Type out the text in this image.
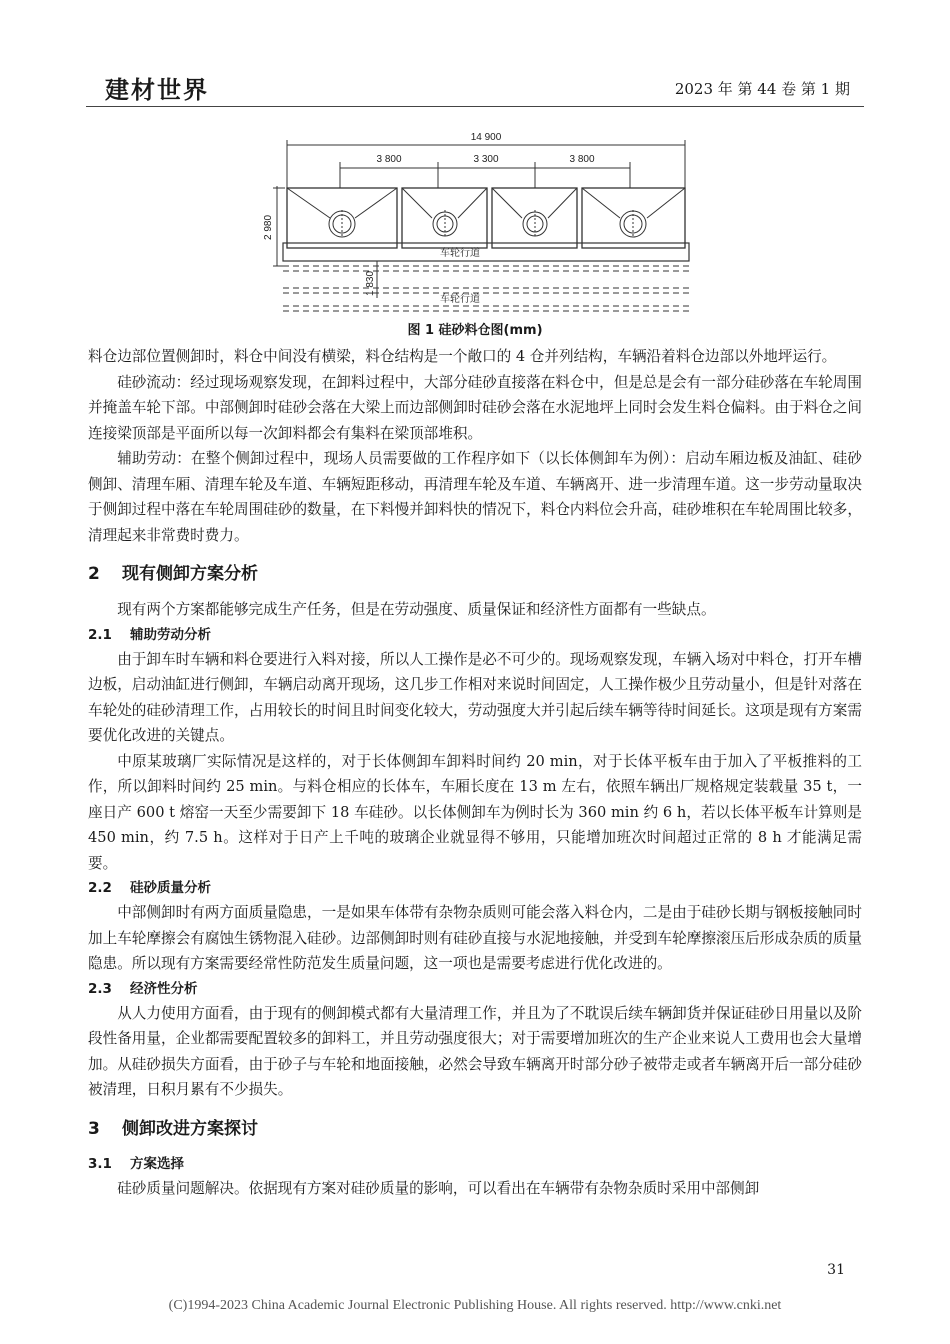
建材世界	2023 年 第 44 卷 第 1 期
14 900
3 800	3 300	3 800
2 980
1 830
车轮行道
车轮行道
图 1 硅砂料仓图(mm)

料仓边部位置侧卸时，料仓中间没有横梁，料仓结构是一个敞口的 4 仓并列结构，车辆沿着料仓边部以外地坪运行。

硅砂流动：经过现场观察发现，在卸料过程中，大部分硅砂直接落在料仓中，但是总是会有一部分硅砂落在车轮周围并掩盖车轮下部。中部侧卸时硅砂会落在大梁上而边部侧卸时硅砂会落在水泥地坪上同时会发生料仓偏料。由于料仓之间连接梁顶部是平面所以每一次卸料都会有集料在梁顶部堆积。

辅助劳动：在整个侧卸过程中，现场人员需要做的工作程序如下（以长体侧卸车为例）：启动车厢边板及油缸、硅砂侧卸、清理车厢、清理车轮及车道、车辆短距移动，再清理车轮及车道、车辆离开、进一步清理车道。这一步劳动量取决于侧卸过程中落在车轮周围硅砂的数量，在下料慢并卸料快的情况下，料仓内料位会升高，硅砂堆积在车轮周围比较多，清理起来非常费时费力。

2 现有侧卸方案分析

现有两个方案都能够完成生产任务，但是在劳动强度、质量保证和经济性方面都有一些缺点。

2.1 辅助劳动分析

由于卸车时车辆和料仓要进行入料对接，所以人工操作是必不可少的。现场观察发现，车辆入场对中料仓，打开车槽边板，启动油缸进行侧卸，车辆启动离开现场，这几步工作相对来说时间固定，人工操作极少且劳动量小，但是针对落在车轮处的硅砂清理工作，占用较长的时间且时间变化较大，劳动强度大并引起后续车辆等待时间延长。这项是现有方案需要优化改进的关键点。

中原某玻璃厂实际情况是这样的，对于长体侧卸车卸料时间约 20 min，对于长体平板车由于加入了平板推料的工作，所以卸料时间约 25 min。与料仓相应的长体车，车厢长度在 13 m 左右，依照车辆出厂规格规定装载量 35 t，一座日产 600 t 熔窑一天至少需要卸下 18 车硅砂。以长体侧卸车为例时长为 360 min 约 6 h，若以长体平板车计算则是 450 min，约 7.5 h。这样对于日产上千吨的玻璃企业就显得不够用，只能增加班次时间超过正常的 8 h 才能满足需要。

2.2 硅砂质量分析

中部侧卸时有两方面质量隐患，一是如果车体带有杂物杂质则可能会落入料仓内，二是由于硅砂长期与钢板接触同时加上车轮摩擦会有腐蚀生锈物混入硅砂。边部侧卸时则有硅砂直接与水泥地接触，并受到车轮摩擦滚压后形成杂质的质量隐患。所以现有方案需要经常性防范发生质量问题，这一项也是需要考虑进行优化改进的。

2.3 经济性分析

从人力使用方面看，由于现有的侧卸模式都有大量清理工作，并且为了不耽误后续车辆卸货并保证硅砂日用量以及阶段性备用量，企业都需要配置较多的卸料工，并且劳动强度很大；对于需要增加班次的生产企业来说人工费用也会大量增加。从硅砂损失方面看，由于砂子与车轮和地面接触，必然会导致车辆离开时部分砂子被带走或者车辆离开后一部分硅砂被清理，日积月累有不少损失。

3 侧卸改进方案探讨
3.1 方案选择

硅砂质量问题解决。依据现有方案对硅砂质量的影响，可以看出在车辆带有杂物杂质时采用中部侧卸

31
(C)1994-2023 China Academic Journal Electronic Publishing House. All rights reserved. http://www.cnki.net
